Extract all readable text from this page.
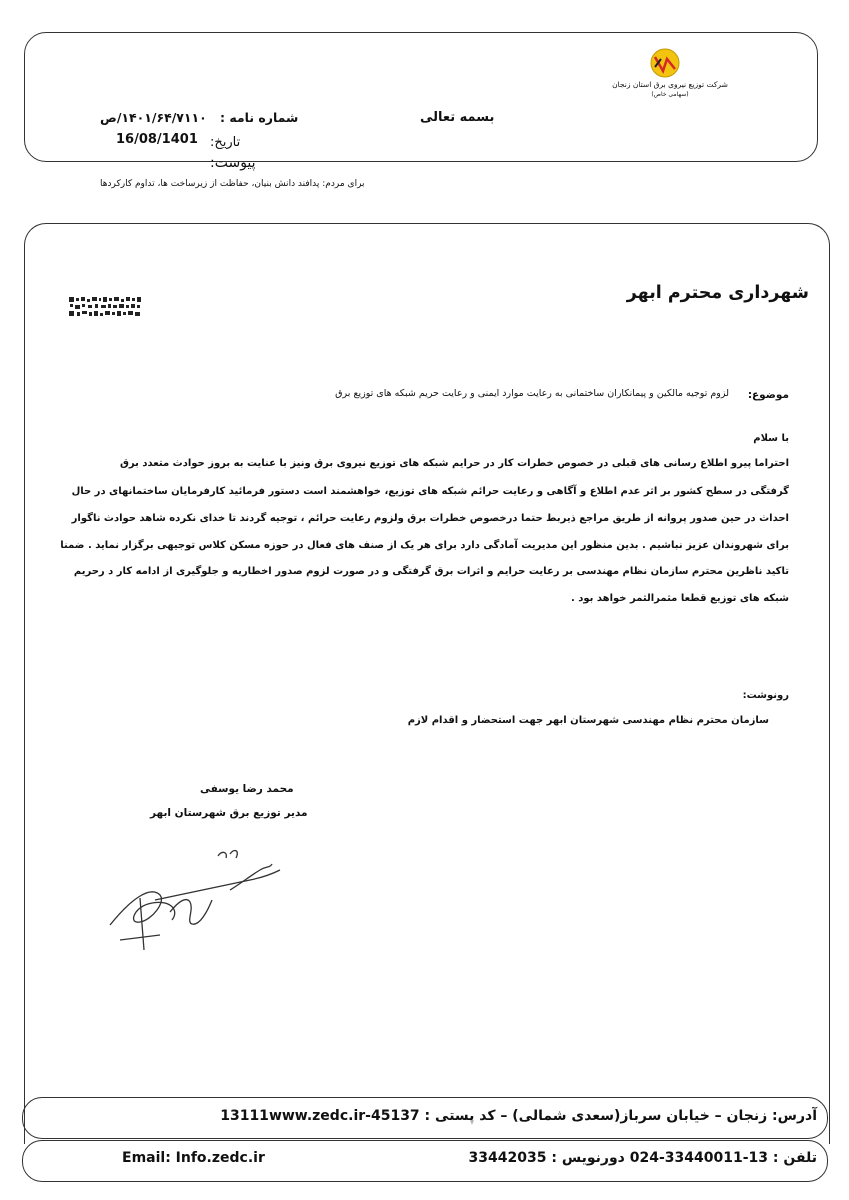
شرکت توزیع نیروی برق استان زنجان
(سهامی خاص)
بسمه تعالی
شماره نامه :
۱۴۰۱/۶۴/۷۱۱۰/ص
تاریخ:
16/08/1401
پیوست:
برای مردم: پدافند دانش بنیان، حفاظت از زیرساخت ها، تداوم کارکردها
شهرداری محترم ابهر
موضوع:
لزوم توجیه مالکین و پیمانکاران ساختمانی به رعایت موارد ایمنی و رعایت حریم شبکه های توزیع برق
با سلام
احتراما پیرو اطلاع رسانی های قبلی در خصوص خطرات کار در حرایم شبکه های توزیع نیروی برق ونیز با عنایت به بروز حوادث متعدد برق
گرفتگی در سطح کشور بر اثر عدم اطلاع و آگاهی و رعایت حرائم شبکه های توزیع، خواهشمند است دستور فرمائید کارفرمایان ساختمانهای در حال
احداث در حین صدور پروانه از طریق مراجع ذیربط حتما درخصوص خطرات برق ولزوم رعایت حرائم ، توجیه گردند تا خدای نکرده شاهد حوادث ناگوار
برای شهروندان عزیز نباشیم . بدین منظور این مدیریت آمادگی دارد برای هر یک از صنف های فعال در حوزه مسکن کلاس توجیهی برگزار نماید . ضمنا
تاکید ناظرین محترم سازمان نظام مهندسی بر رعایت حرایم و اثرات برق گرفتگی و در صورت لزوم صدور اخطاریه و جلوگیری از ادامه کار د رحریم
شبکه های توزیع قطعا مثمرالثمر خواهد بود .
رونوشت:
سازمان محترم نظام مهندسی شهرستان ابهر جهت استحضار و اقدام لازم
محمد رضا یوسفی
مدیر توزیع برق شهرستان ابهر
آدرس: زنجان – خیابان سرباز(سعدی شمالی) – کد پستی : 45137-13111www.zedc.ir
تلفن : 13-33440011-024 دورنویس : 33442035
Email: Info.zedc.ir
